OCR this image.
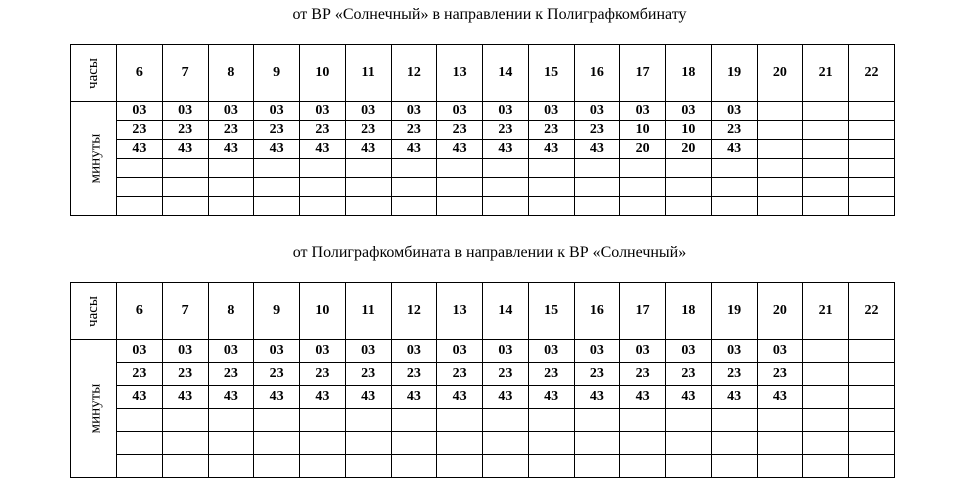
от ВР «Солнечный» в направлении к Полиграфкомбинату
часы	6	7	8	9	10	11	12	13	14	15	16	17	18	19	20	21	22
минуты	03	03	03	03	03	03	03	03	03	03	03	03	03	03			
	23	23	23	23	23	23	23	23	23	23	23	10	10	23			
	43	43	43	43	43	43	43	43	43	43	43	20	20	43			

от Полиграфкомбината в направлении к ВР «Солнечный»
часы	6	7	8	9	10	11	12	13	14	15	16	17	18	19	20	21	22
минуты	03	03	03	03	03	03	03	03	03	03	03	03	03	03	03		
	23	23	23	23	23	23	23	23	23	23	23	23	23	23	23		
	43	43	43	43	43	43	43	43	43	43	43	43	43	43	43		
